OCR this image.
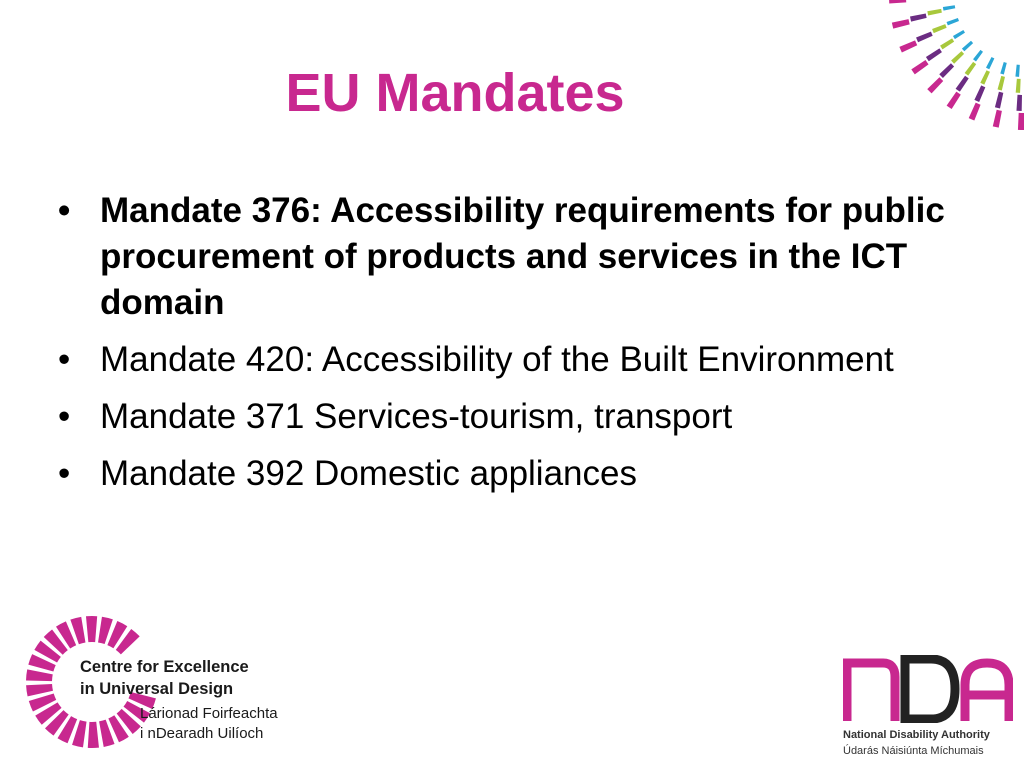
EU Mandates
• Mandate 376: Accessibility requirements for public procurement of products and services in the ICT domain
• Mandate 420: Accessibility of the Built Environment
• Mandate 371 Services-tourism, transport
• Mandate 392 Domestic appliances
Centre for Excellence
in Universal Design
Lárionad Foirfeachta
i nDearadh Uilíoch	National Disability Authority
Údarás Náisiúnta Míchumais
